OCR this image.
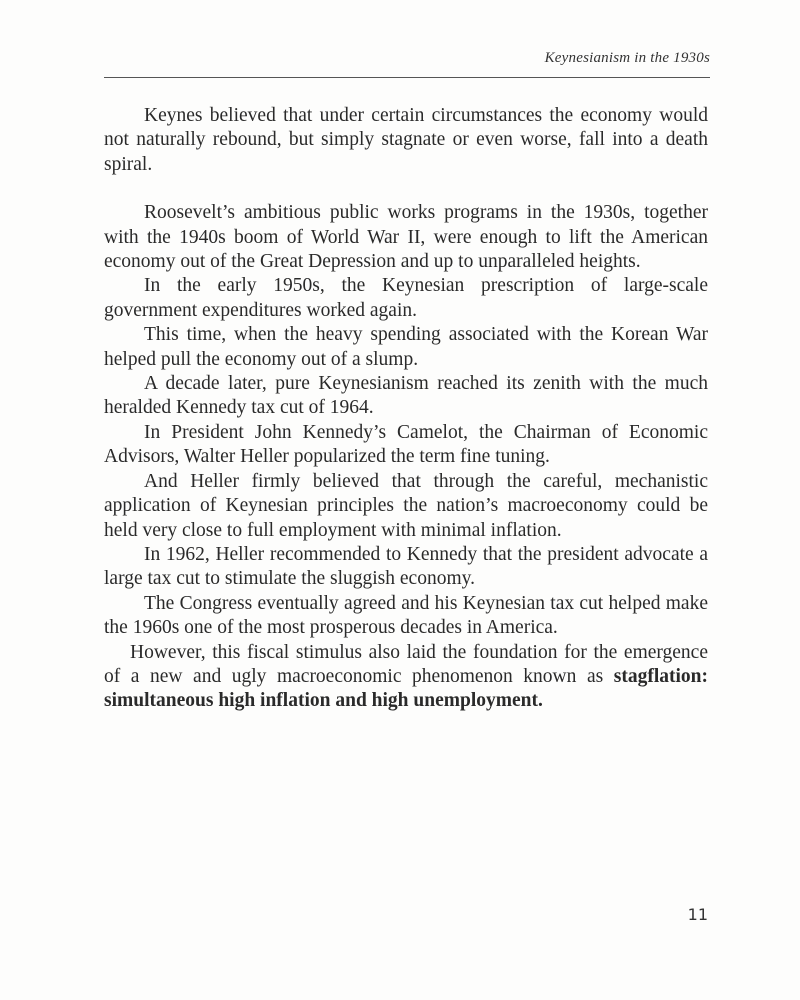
Keynesianism in the 1930s

Keynes believed that under certain circumstances the economy would not naturally rebound, but simply stagnate or even worse, fall into a death spiral.

Roosevelt’s ambitious public works programs in the 1930s, together with the 1940s boom of World War II, were enough to lift the American economy out of the Great Depression and up to unparalleled heights.

In the early 1950s, the Keynesian prescription of large-scale government expenditures worked again.

This time, when the heavy spending associated with the Korean War helped pull the economy out of a slump.

A decade later, pure Keynesianism reached its zenith with the much heralded Kennedy tax cut of 1964.

In President John Kennedy’s Camelot, the Chairman of Economic Advisors, Walter Heller popularized the term fine tuning.

And Heller firmly believed that through the careful, mechanistic application of Keynesian principles the nation’s macroeconomy could be held very close to full employment with minimal inflation.

In 1962, Heller recommended to Kennedy that the president advocate a large tax cut to stimulate the sluggish economy.

The Congress eventually agreed and his Keynesian tax cut helped make the 1960s one of the most prosperous decades in America.

However, this fiscal stimulus also laid the foundation for the emergence of a new and ugly macroeconomic phenomenon known as stagflation: simultaneous high inflation and high unemployment.

11
